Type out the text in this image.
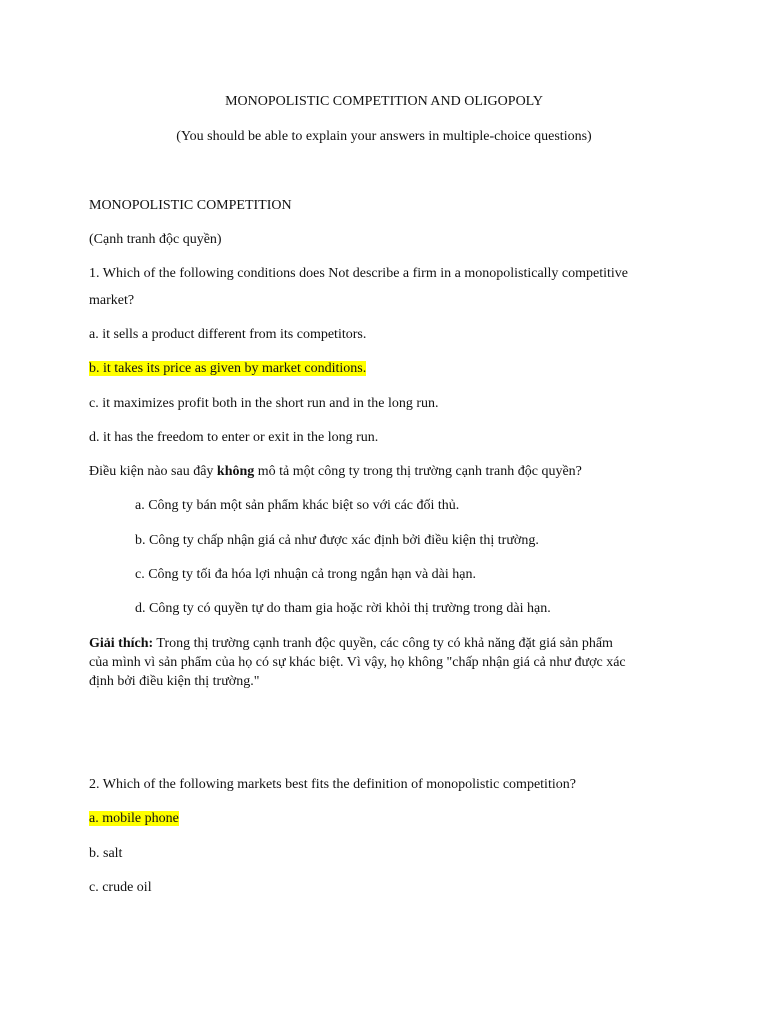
MONOPOLISTIC COMPETITION AND OLIGOPOLY
(You should be able to explain your answers in multiple-choice questions)
MONOPOLISTIC COMPETITION
(Cạnh tranh độc quyền)
1. Which of the following conditions does Not describe a firm in a monopolistically competitive
market?
a. it sells a product different from its competitors.
b. it takes its price as given by market conditions.
c. it maximizes profit both in the short run and in the long run.
d. it has the freedom to enter or exit in the long run.
Điều kiện nào sau đây không mô tả một công ty trong thị trường cạnh tranh độc quyền?
a. Công ty bán một sản phẩm khác biệt so với các đối thủ.
b. Công ty chấp nhận giá cả như được xác định bởi điều kiện thị trường.
c. Công ty tối đa hóa lợi nhuận cả trong ngắn hạn và dài hạn.
d. Công ty có quyền tự do tham gia hoặc rời khỏi thị trường trong dài hạn.
Giải thích: Trong thị trường cạnh tranh độc quyền, các công ty có khả năng đặt giá sản phẩm
của mình vì sản phẩm của họ có sự khác biệt. Vì vậy, họ không "chấp nhận giá cả như được xác
định bởi điều kiện thị trường."
2. Which of the following markets best fits the definition of monopolistic competition?
a. mobile phone
b. salt
c. crude oil
